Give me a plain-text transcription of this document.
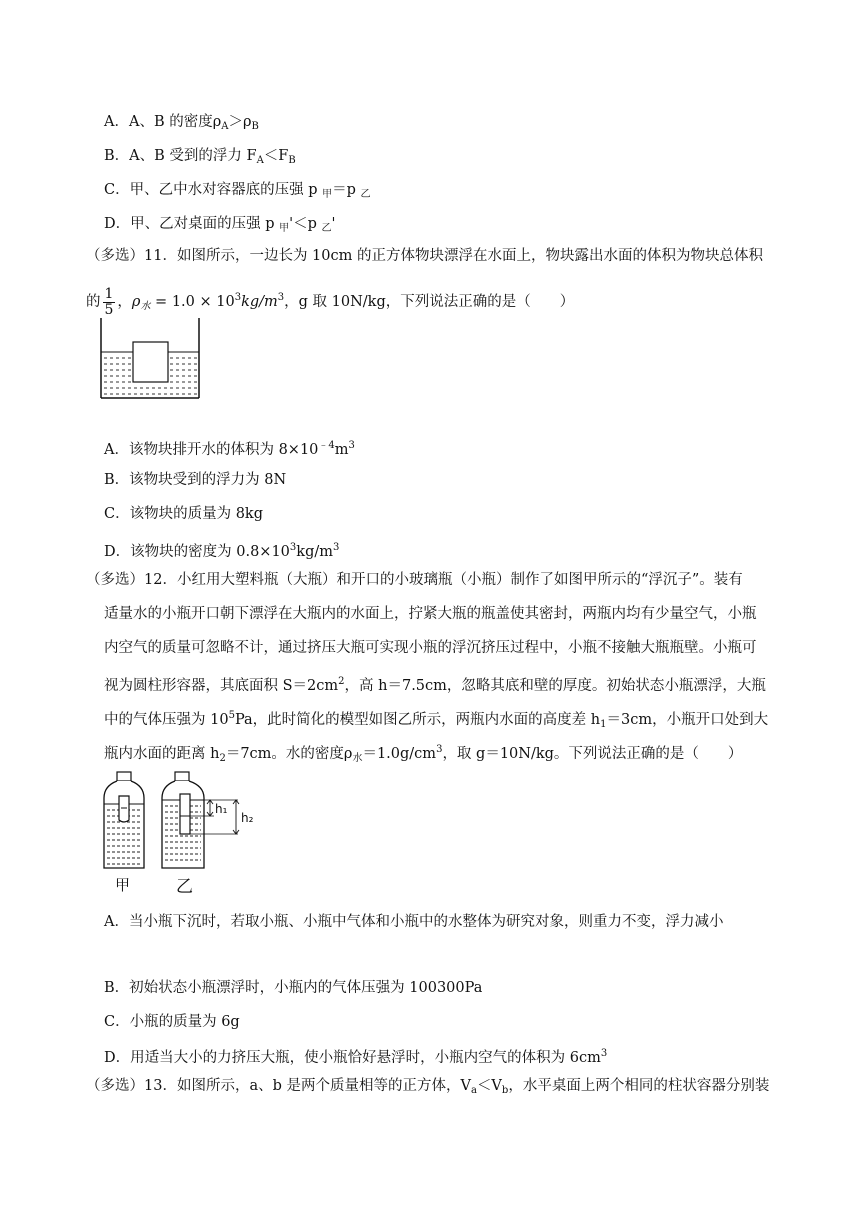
A．A、B 的密度$\rho_A>\rho_B$
B．A、B 受到的浮力 $F_A<F_B$
C．甲、乙中水对容器底的压强 p $_甲$＝p $_乙$
D．甲、乙对桌面的压强 p $_甲$'＜p $_乙$'
（多选）11．如图所示，一边长为 10cm 的正方体物块漂浮在水面上，物块露出水面的体积为物块总体积
的 $\frac{1}{5}$ ，$\rho_水 = 1.0 \times 10^3kg/m^3$，g 取 10N/kg，下列说法正确的是（　　）
A．该物块排开水的体积为 $8\times 10^{﹣4}m^3$
B．该物块受到的浮力为 8N
C．该物块的质量为 8kg
D．该物块的密度为 $0.8\times 10^3kg/m^3$
（多选）12．小红用大塑料瓶（大瓶）和开口的小玻璃瓶（小瓶）制作了如图甲所示的“浮沉子”。装有
适量水的小瓶开口朝下漂浮在大瓶内的水面上，拧紧大瓶的瓶盖使其密封，两瓶内均有少量空气，小瓶
内空气的质量可忽略不计，通过挤压大瓶可实现小瓶的浮沉挤压过程中，小瓶不接触大瓶瓶壁。小瓶可
视为圆柱形容器，其底面积 $S=2cm^2$，高 h＝7.5cm，忽略其底和壁的厚度。初始状态小瓶漂浮，大瓶
中的气体压强为 $10^5Pa$，此时简化的模型如图乙所示，两瓶内水面的高度差 $h_1=3cm$，小瓶开口处到大
瓶内水面的距离 $h_2=7cm$。水的密度$\rho_水=1.0g/cm^3$，取 g＝10N/kg。下列说法正确的是（　　）
h₁
h₂
甲	乙
A．当小瓶下沉时，若取小瓶、小瓶中气体和小瓶中的水整体为研究对象，则重力不变，浮力减小
B．初始状态小瓶漂浮时，小瓶内的气体压强为 100300Pa
C．小瓶的质量为 6g
D．用适当大小的力挤压大瓶，使小瓶恰好悬浮时，小瓶内空气的体积为 $6cm^3$
（多选）13．如图所示，a、b 是两个质量相等的正方体，$V_a<V_b$，水平桌面上两个相同的柱状容器分别装
